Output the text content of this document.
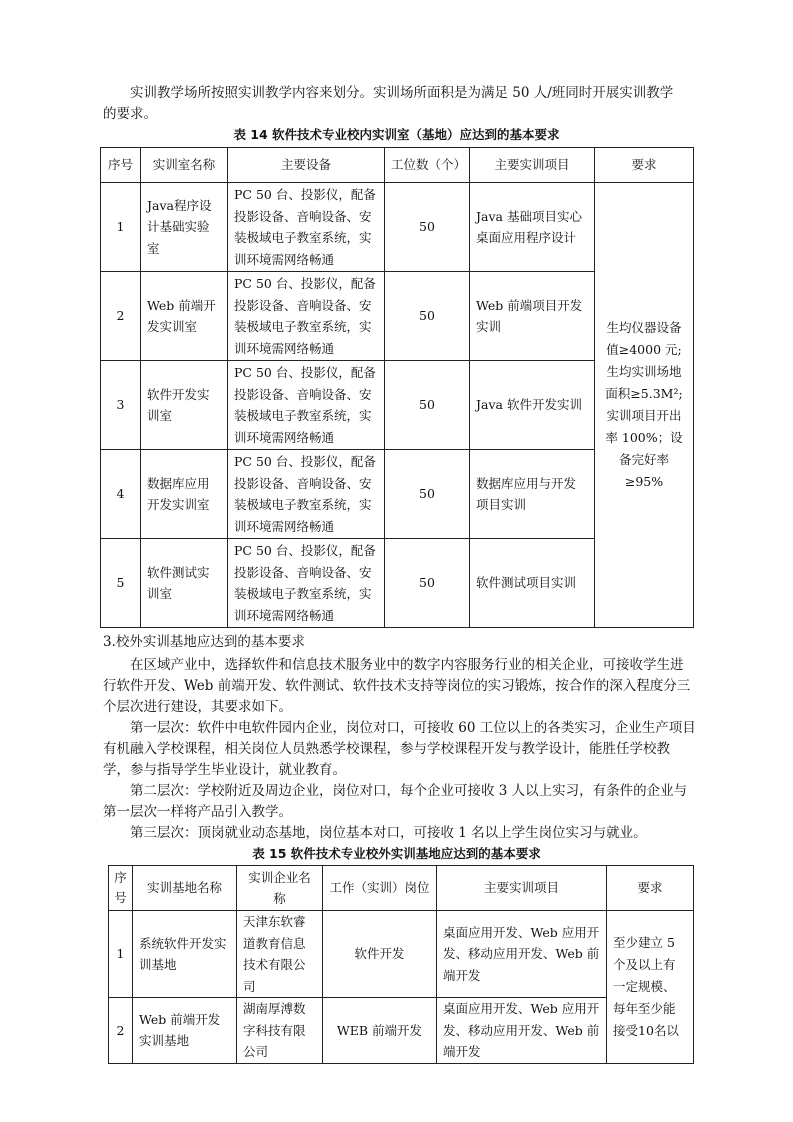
实训教学场所按照实训教学内容来划分。实训场所面积是为满足 50 人/班同时开展实训教学
的要求。

表 14 软件技术专业校内实训室（基地）应达到的基本要求
序号	实训室名称	主要设备	工位数（个）	主要实训项目	要求
1	Java程序设计基础实验室	PC 50 台、投影仪，配备投影设备、音响设备、安装极域电子教室系统，实训环境需网络畅通	50	Java 基础项目实心桌面应用程序设计	生均仪器设备值≥4000 元;生均实训场地面积≥5.3M²;实训项目开出率 100%；设备完好率≥95%
2	Web 前端开发实训室	PC 50 台、投影仪，配备投影设备、音响设备、安装极域电子教室系统，实训环境需网络畅通	50	Web 前端项目开发实训	
3	软件开发实训室	PC 50 台、投影仪，配备投影设备、音响设备、安装极域电子教室系统，实训环境需网络畅通	50	Java 软件开发实训	
4	数据库应用开发实训室	PC 50 台、投影仪，配备投影设备、音响设备、安装极域电子教室系统，实训环境需网络畅通	50	数据库应用与开发项目实训	
5	软件测试实训室	PC 50 台、投影仪，配备投影设备、音响设备、安装极域电子教室系统，实训环境需网络畅通	50	软件测试项目实训	

3.校外实训基地应达到的基本要求

在区域产业中，选择软件和信息技术服务业中的数字内容服务行业的相关企业，可接收学生进行软件开发、Web 前端开发、软件测试、软件技术支持等岗位的实习锻炼，按合作的深入程度分三个层次进行建设，其要求如下。

第一层次：软件中电软件园内企业，岗位对口，可接收 60 工位以上的各类实习，企业生产项目有机融入学校课程，相关岗位人员熟悉学校课程，参与学校课程开发与教学设计，能胜任学校教学，参与指导学生毕业设计，就业教育。

第二层次：学校附近及周边企业，岗位对口，每个企业可接收 3 人以上实习，有条件的企业与第一层次一样将产品引入教学。

第三层次：顶岗就业动态基地，岗位基本对口，可接收 1 名以上学生岗位实习与就业。

表 15 软件技术专业校外实训基地应达到的基本要求
序号	实训基地名称	实训企业名称	工作（实训）岗位	主要实训项目	要求
1	系统软件开发实训基地	天津东软睿道教育信息技术有限公司	软件开发	桌面应用开发、Web 应用开发、移动应用开发、Web 前端开发	至少建立 5 个及以上有一定规模、每年至少能接受10名以
2	Web 前端开发实训基地	湖南厚溥数字科技有限公司	WEB 前端开发	桌面应用开发、Web 应用开发、移动应用开发、Web 前端开发	
